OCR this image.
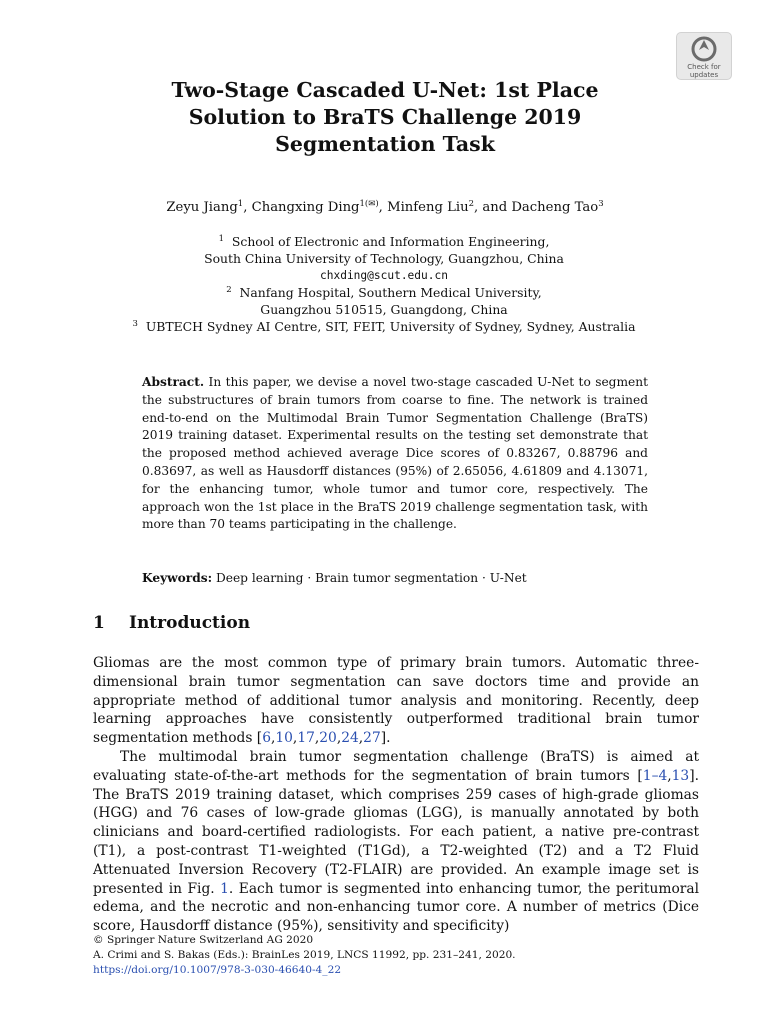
Check for
updates
Two-Stage Cascaded U-Net: 1st Place
Solution to BraTS Challenge 2019
Segmentation Task
Zeyu Jiang$^1$, Changxing Ding$^{1(✉)}$, Minfeng Liu$^2$, and Dacheng Tao$^3$
$^1$ School of Electronic and Information Engineering,
South China University of Technology, Guangzhou, China
chxding@scut.edu.cn
$^2$ Nanfang Hospital, Southern Medical University,
Guangzhou 510515, Guangdong, China
$^3$ UBTECH Sydney AI Centre, SIT, FEIT, University of Sydney, Sydney, Australia
Abstract. In this paper, we devise a novel two-stage cascaded U-Net to segment the substructures of brain tumors from coarse to fine. The network is trained end-to-end on the Multimodal Brain Tumor Segmentation Challenge (BraTS) 2019 training dataset. Experimental results on the testing set demonstrate that the proposed method achieved average Dice scores of 0.83267, 0.88796 and 0.83697, as well as Hausdorff distances (95%) of 2.65056, 4.61809 and 4.13071, for the enhancing tumor, whole tumor and tumor core, respectively. The approach won the 1st place in the BraTS 2019 challenge segmentation task, with more than 70 teams participating in the challenge.
Keywords: Deep learning · Brain tumor segmentation · U-Net
1 Introduction

Gliomas are the most common type of primary brain tumors. Automatic three-dimensional brain tumor segmentation can save doctors time and provide an appropriate method of additional tumor analysis and monitoring. Recently, deep learning approaches have consistently outperformed traditional brain tumor segmentation methods [6,10,17,20,24,27].

The multimodal brain tumor segmentation challenge (BraTS) is aimed at evaluating state-of-the-art methods for the segmentation of brain tumors [1–4,13]. The BraTS 2019 training dataset, which comprises 259 cases of high-grade gliomas (HGG) and 76 cases of low-grade gliomas (LGG), is manually annotated by both clinicians and board-certified radiologists. For each patient, a native pre-contrast (T1), a post-contrast T1-weighted (T1Gd), a T2-weighted (T2) and a T2 Fluid Attenuated Inversion Recovery (T2-FLAIR) are provided. An example image set is presented in Fig. 1. Each tumor is segmented into enhancing tumor, the peritumoral edema, and the necrotic and non-enhancing tumor core. A number of metrics (Dice score, Hausdorff distance (95%), sensitivity and specificity)

© Springer Nature Switzerland AG 2020
A. Crimi and S. Bakas (Eds.): BrainLes 2019, LNCS 11992, pp. 231–241, 2020.
https://doi.org/10.1007/978-3-030-46640-4_22
